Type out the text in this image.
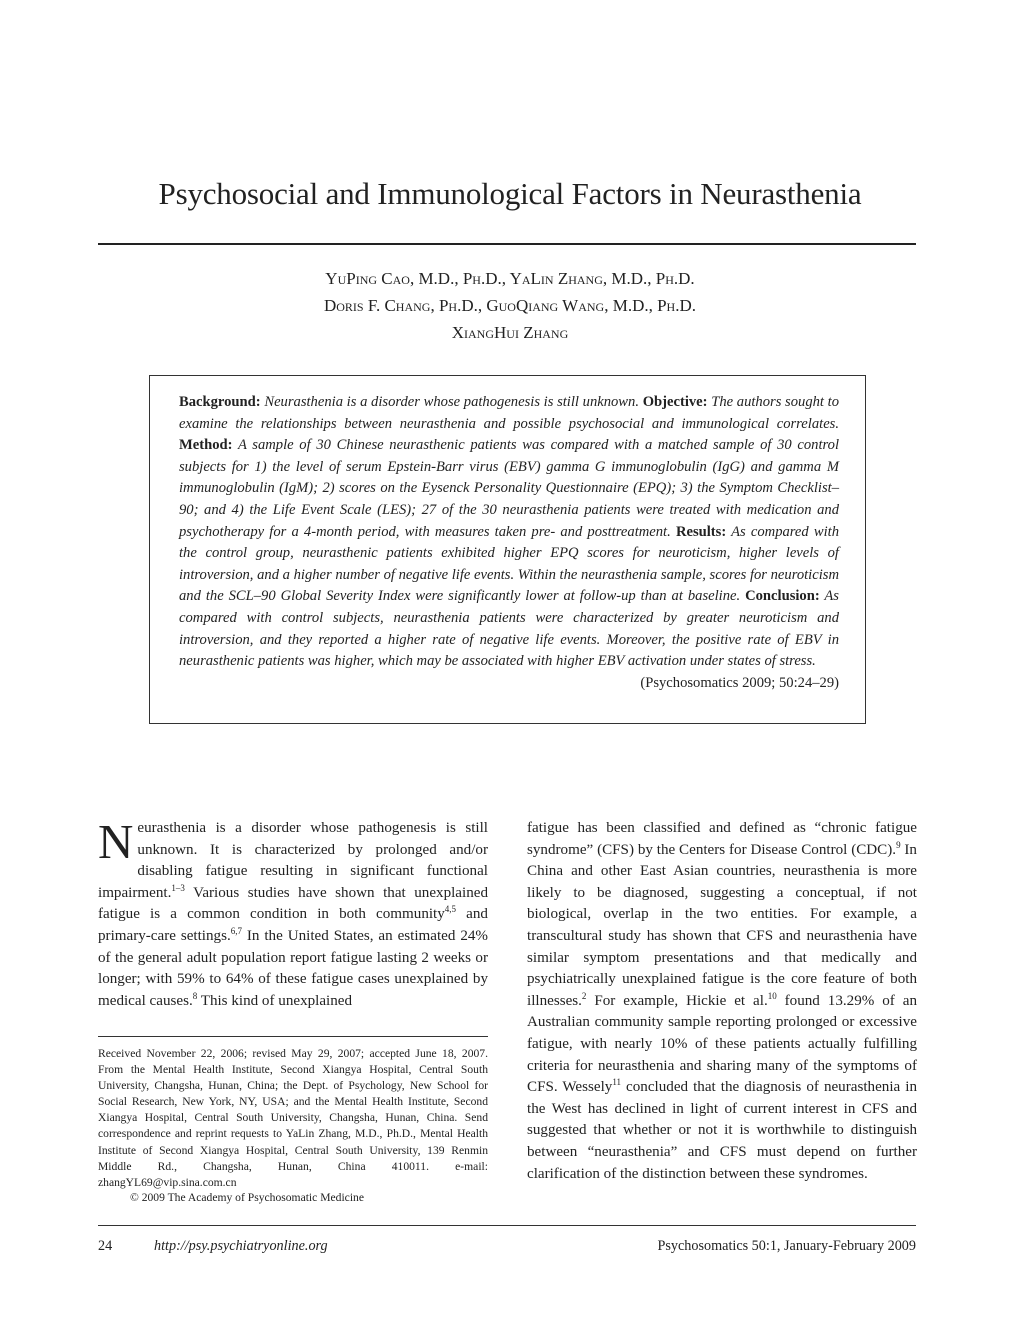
Psychosocial and Immunological Factors in Neurasthenia
YuPing Cao, M.D., Ph.D., YaLin Zhang, M.D., Ph.D.
Doris F. Chang, Ph.D., GuoQiang Wang, M.D., Ph.D.
XiangHui Zhang
Background: Neurasthenia is a disorder whose pathogenesis is still unknown. Objective: The authors sought to examine the relationships between neurasthenia and possible psychosocial and immunological correlates. Method: A sample of 30 Chinese neurasthenic patients was compared with a matched sample of 30 control subjects for 1) the level of serum Epstein-Barr virus (EBV) gamma G immunoglobulin (IgG) and gamma M immunoglobulin (IgM); 2) scores on the Eysenck Personality Questionnaire (EPQ); 3) the Symptom Checklist–90; and 4) the Life Event Scale (LES); 27 of the 30 neurasthenia patients were treated with medication and psychotherapy for a 4-month period, with measures taken pre- and posttreatment. Results: As compared with the control group, neurasthenic patients exhibited higher EPQ scores for neuroticism, higher levels of introversion, and a higher number of negative life events. Within the neurasthenia sample, scores for neuroticism and the SCL–90 Global Severity Index were significantly lower at follow-up than at baseline. Conclusion: As compared with control subjects, neurasthenia patients were characterized by greater neuroticism and introversion, and they reported a higher rate of negative life events. Moreover, the positive rate of EBV in neurasthenic patients was higher, which may be associated with higher EBV activation under states of stress.
(Psychosomatics 2009; 50:24–29)
Neurasthenia is a disorder whose pathogenesis is still unknown. It is characterized by prolonged and/or disabling fatigue resulting in significant functional impairment.$^{1-3}$ Various studies have shown that unexplained fatigue is a common condition in both community$^{4,5}$ and primary-care settings.$^{6,7}$ In the United States, an estimated 24% of the general adult population report fatigue lasting 2 weeks or longer; with 59% to 64% of these fatigue cases unexplained by medical causes.$^8$ This kind of unexplained
fatigue has been classified and defined as “chronic fatigue syndrome” (CFS) by the Centers for Disease Control (CDC).$^9$ In China and other East Asian countries, neurasthenia is more likely to be diagnosed, suggesting a conceptual, if not biological, overlap in the two entities. For example, a transcultural study has shown that CFS and neurasthenia have similar symptom presentations and that medically and psychiatrically unexplained fatigue is the core feature of both illnesses.$^2$ For example, Hickie et al.$^{10}$ found 13.29% of an Australian community sample reporting prolonged or excessive fatigue, with nearly 10% of these patients actually fulfilling criteria for neurasthenia and sharing many of the symptoms of CFS. Wessely$^{11}$ concluded that the diagnosis of neurasthenia in the West has declined in light of current interest in CFS and suggested that whether or not it is worthwhile to distinguish between “neurasthenia” and CFS must depend on further clarification of the distinction between these syndromes.
Received November 22, 2006; revised May 29, 2007; accepted June 18, 2007. From the Mental Health Institute, Second Xiangya Hospital, Central South University, Changsha, Hunan, China; the Dept. of Psychology, New School for Social Research, New York, NY, USA; and the Mental Health Institute, Second Xiangya Hospital, Central South University, Changsha, Hunan, China. Send correspondence and reprint requests to YaLin Zhang, M.D., Ph.D., Mental Health Institute of Second Xiangya Hospital, Central South University, 139 Renmin Middle Rd., Changsha, Hunan, China 410011. e-mail: zhangYL69@vip.sina.com.cn
© 2009 The Academy of Psychosomatic Medicine
24	http://psy.psychiatryonline.org	Psychosomatics 50:1, January-February 2009
